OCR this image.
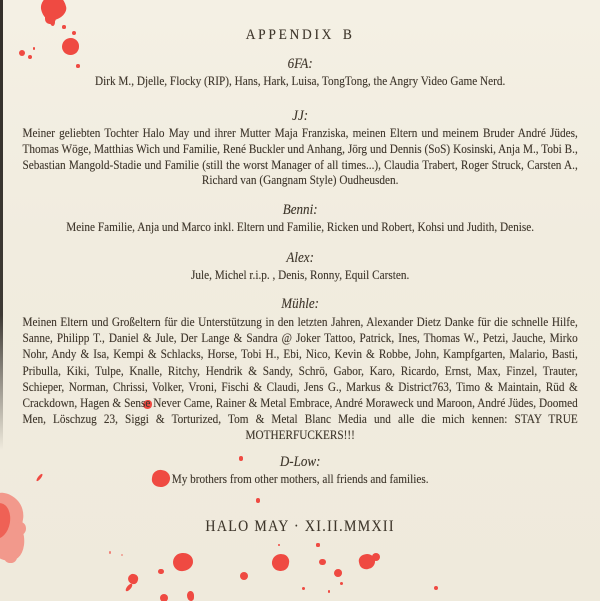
APPENDIX B
6FA:

Dirk M., Djelle, Flocky (RIP), Hans, Hark, Luisa, TongTong, the Angry Video Game Nerd.

JJ:

Meiner geliebten Tochter Halo May und ihrer Mutter Maja Franziska, meinen Eltern und meinem Bruder André Jüdes, Thomas Wöge, Matthias Wich und Familie, René Buckler und Anhang, Jörg und Dennis (SoS) Kosinski, Anja M., Tobi B., Sebastian Mangold-Stadie und Familie (still the worst Manager of all times...), Claudia Trabert, Roger Struck, Carsten A., Richard van (Gangnam Style) Oudheusden.

Benni:

Meine Familie, Anja und Marco inkl. Eltern und Familie, Ricken und Robert, Kohsi und Judith, Denise.

Alex:

Jule, Michel r.i.p. , Denis, Ronny, Equil Carsten.

Mühle:

Meinen Eltern und Großeltern für die Unterstützung in den letzten Jahren, Alexander Dietz Danke für die schnelle Hilfe, Sanne, Philipp T., Daniel & Jule, Der Lange & Sandra @ Joker Tattoo, Patrick, Ines, Thomas W., Petzi, Jauche, Mirko Nohr, Andy & Isa, Kempi & Schlacks, Horse, Tobi H., Ebi, Nico, Kevin & Robbe, John, Kampfgarten, Malario, Basti, Pribulla, Kiki, Tulpe, Knalle, Ritchy, Hendrik & Sandy, Schrö, Gabor, Karo, Ricardo, Ernst, Max, Finzel, Trauter, Schieper, Norman, Chrissi, Volker, Vroni, Fischi & Claudi, Jens G., Markus & District763, Timo & Maintain, Rüd & Crackdown, Hagen & Sense Never Came, Rainer & Metal Embrace, André Moraweck und Maroon, André Jüdes, Doomed Men, Löschzug 23, Siggi & Torturized, Tom & Metal Blanc Media und alle die mich kennen: STAY TRUE MOTHERFUCKERS!!!

D-Low:

My brothers from other mothers, all friends and families.

HALO MAY · XI.II.MMXII
